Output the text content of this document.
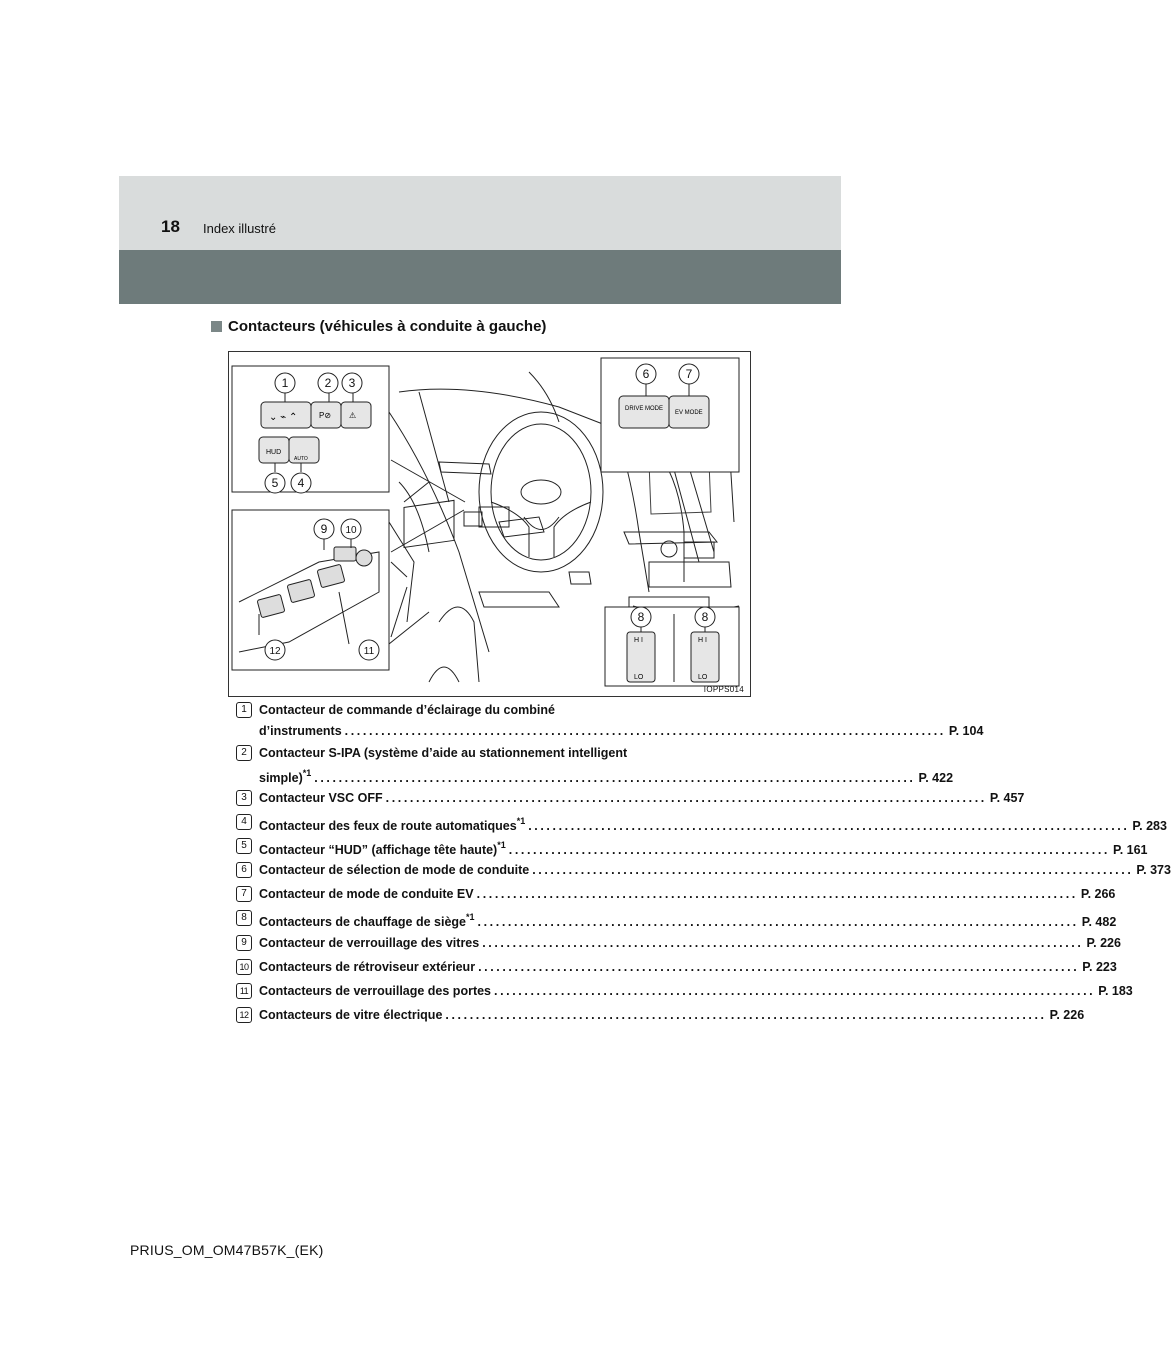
18 Index illustré
Contacteurs (véhicules à conduite à gauche)
⌄ ⌁ ⌃	P⊘ ⚠
HUD
AUTO
DRIVE MODE
EV MODE
H I	H I
LO	LO
1	2 3
4
5
6	7
8	8
9 10
11
12
IOPPS014
1 Contacteur de commande d’éclairage du combiné
d’instruments ................................................................................................... P. 104
2 Contacteur S-IPA (système d’aide au stationnement intelligent
simple)$^{*1}$ ................................................................................................... P. 422
3 Contacteur VSC OFF ................................................................................................... P. 457
4 Contacteur des feux de route automatiques$^{*1}$ ................................................................................................... P. 283
5 Contacteur “HUD” (affichage tête haute)$^{*1}$ ................................................................................................... P. 161
6 Contacteur de sélection de mode de conduite ................................................................................................... P. 373
7 Contacteur de mode de conduite EV ................................................................................................... P. 266
8 Contacteurs de chauffage de siège$^{*1}$ ................................................................................................... P. 482
9 Contacteur de verrouillage des vitres ................................................................................................... P. 226
10 Contacteurs de rétroviseur extérieur ................................................................................................... P. 223
11 Contacteurs de verrouillage des portes ................................................................................................... P. 183
12 Contacteurs de vitre électrique ................................................................................................... P. 226
PRIUS_OM_OM47B57K_(EK)
